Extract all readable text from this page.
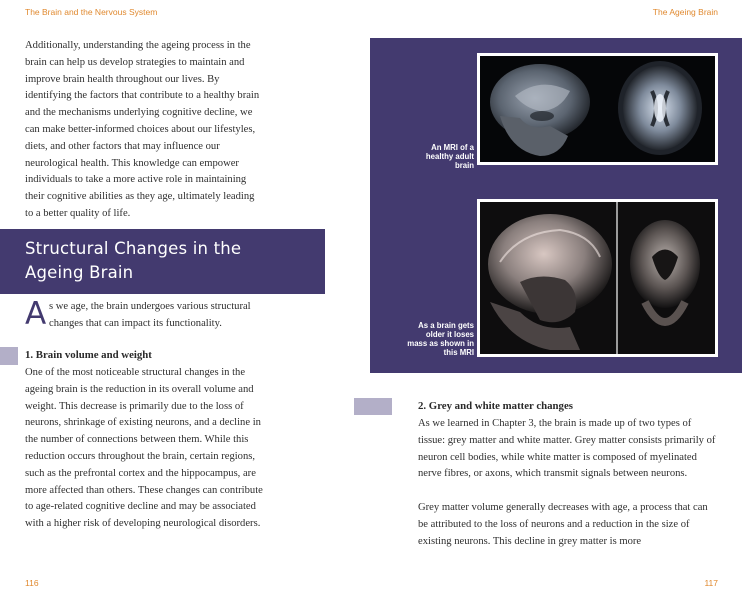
The Brain and the Nervous System	The Ageing Brain

Additionally, understanding the ageing process in the brain can help us develop strategies to maintain and improve brain health throughout our lives. By identifying the factors that contribute to a healthy brain and the mechanisms underlying cognitive decline, we can make better-informed choices about our lifestyles, diets, and other factors that may influence our neurological health. This knowledge can empower individuals to take a more active role in maintaining their cognitive abilities as they age, ultimately leading to a better quality of life.

Structural Changes in the
Ageing Brain
A s we age, the brain undergoes various structural changes that can impact its functionality.
1. Brain volume and weight

One of the most noticeable structural changes in the ageing brain is the reduction in its overall volume and weight. This decrease is primarily due to the loss of neurons, shrinkage of existing neurons, and a decline in the number of connections between them. While this reduction occurs throughout the brain, certain regions, such as the prefrontal cortex and the hippocampus, are more affected than others. These changes can contribute to age-related cognitive decline and may be associated with a higher risk of developing neurological disorders.

An MRI of a healthy adult brain
As a brain gets older it loses mass as shown in this MRI
2. Grey and white matter changes

As we learned in Chapter 3, the brain is made up of two types of tissue: grey matter and white matter. Grey matter consists primarily of neuron cell bodies, while white matter is composed of myelinated nerve fibres, or axons, which transmit signals between neurons.

Grey matter volume generally decreases with age, a process that can be attributed to the loss of neurons and a reduction in the size of existing neurons. This decline in grey matter is more

116	117
